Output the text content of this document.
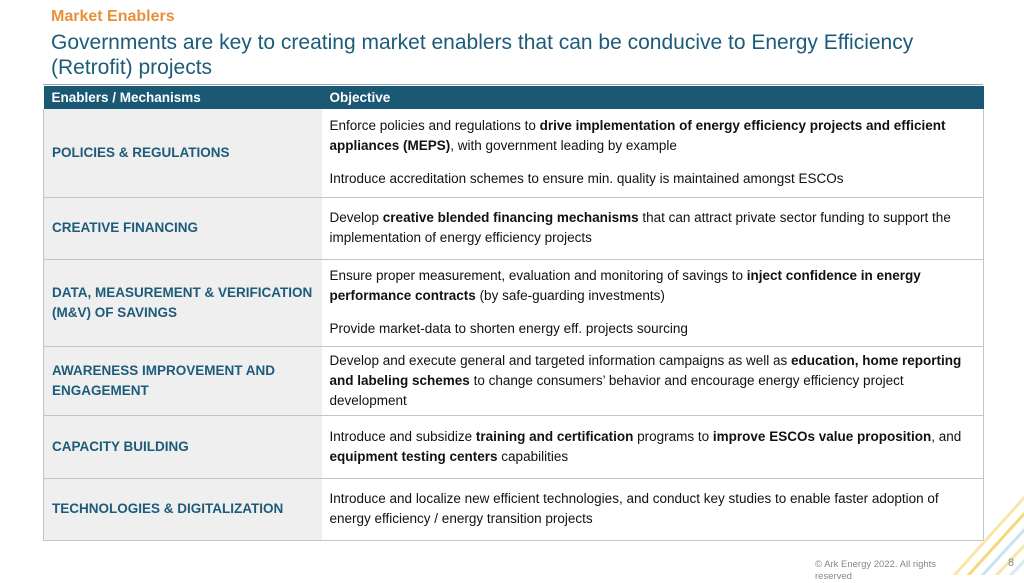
Market Enablers
Governments are key to creating market enablers that can be conducive to Energy Efficiency (Retrofit) projects
Enablers / Mechanisms	Objective
POLICIES & REGULATIONS	Enforce policies and regulations to drive implementation of energy efficiency projects and efficient appliances (MEPS), with government leading by example

Introduce accreditation schemes to ensure min. quality is maintained amongst ESCOs

CREATIVE FINANCING	Develop creative blended financing mechanisms that can attract private sector funding to support the implementation of energy efficiency projects

DATA, MEASUREMENT & VERIFICATION (M&V) OF SAVINGS	Ensure proper measurement, evaluation and monitoring of savings to inject confidence in energy performance contracts (by safe-guarding investments)

Provide market-data to shorten energy eff. projects sourcing

AWARENESS IMPROVEMENT AND ENGAGEMENT	Develop and execute general and targeted information campaigns as well as education, home reporting and labeling schemes to change consumers’ behavior and encourage energy efficiency project development

CAPACITY BUILDING	Introduce and subsidize training and certification programs to improve ESCOs value proposition, and equipment testing centers capabilities

TECHNOLOGIES & DIGITALIZATION	Introduce and localize new efficient technologies, and conduct key studies to enable faster adoption of energy efficiency / energy transition projects

© Ark Energy 2022. All rights reserved
8
